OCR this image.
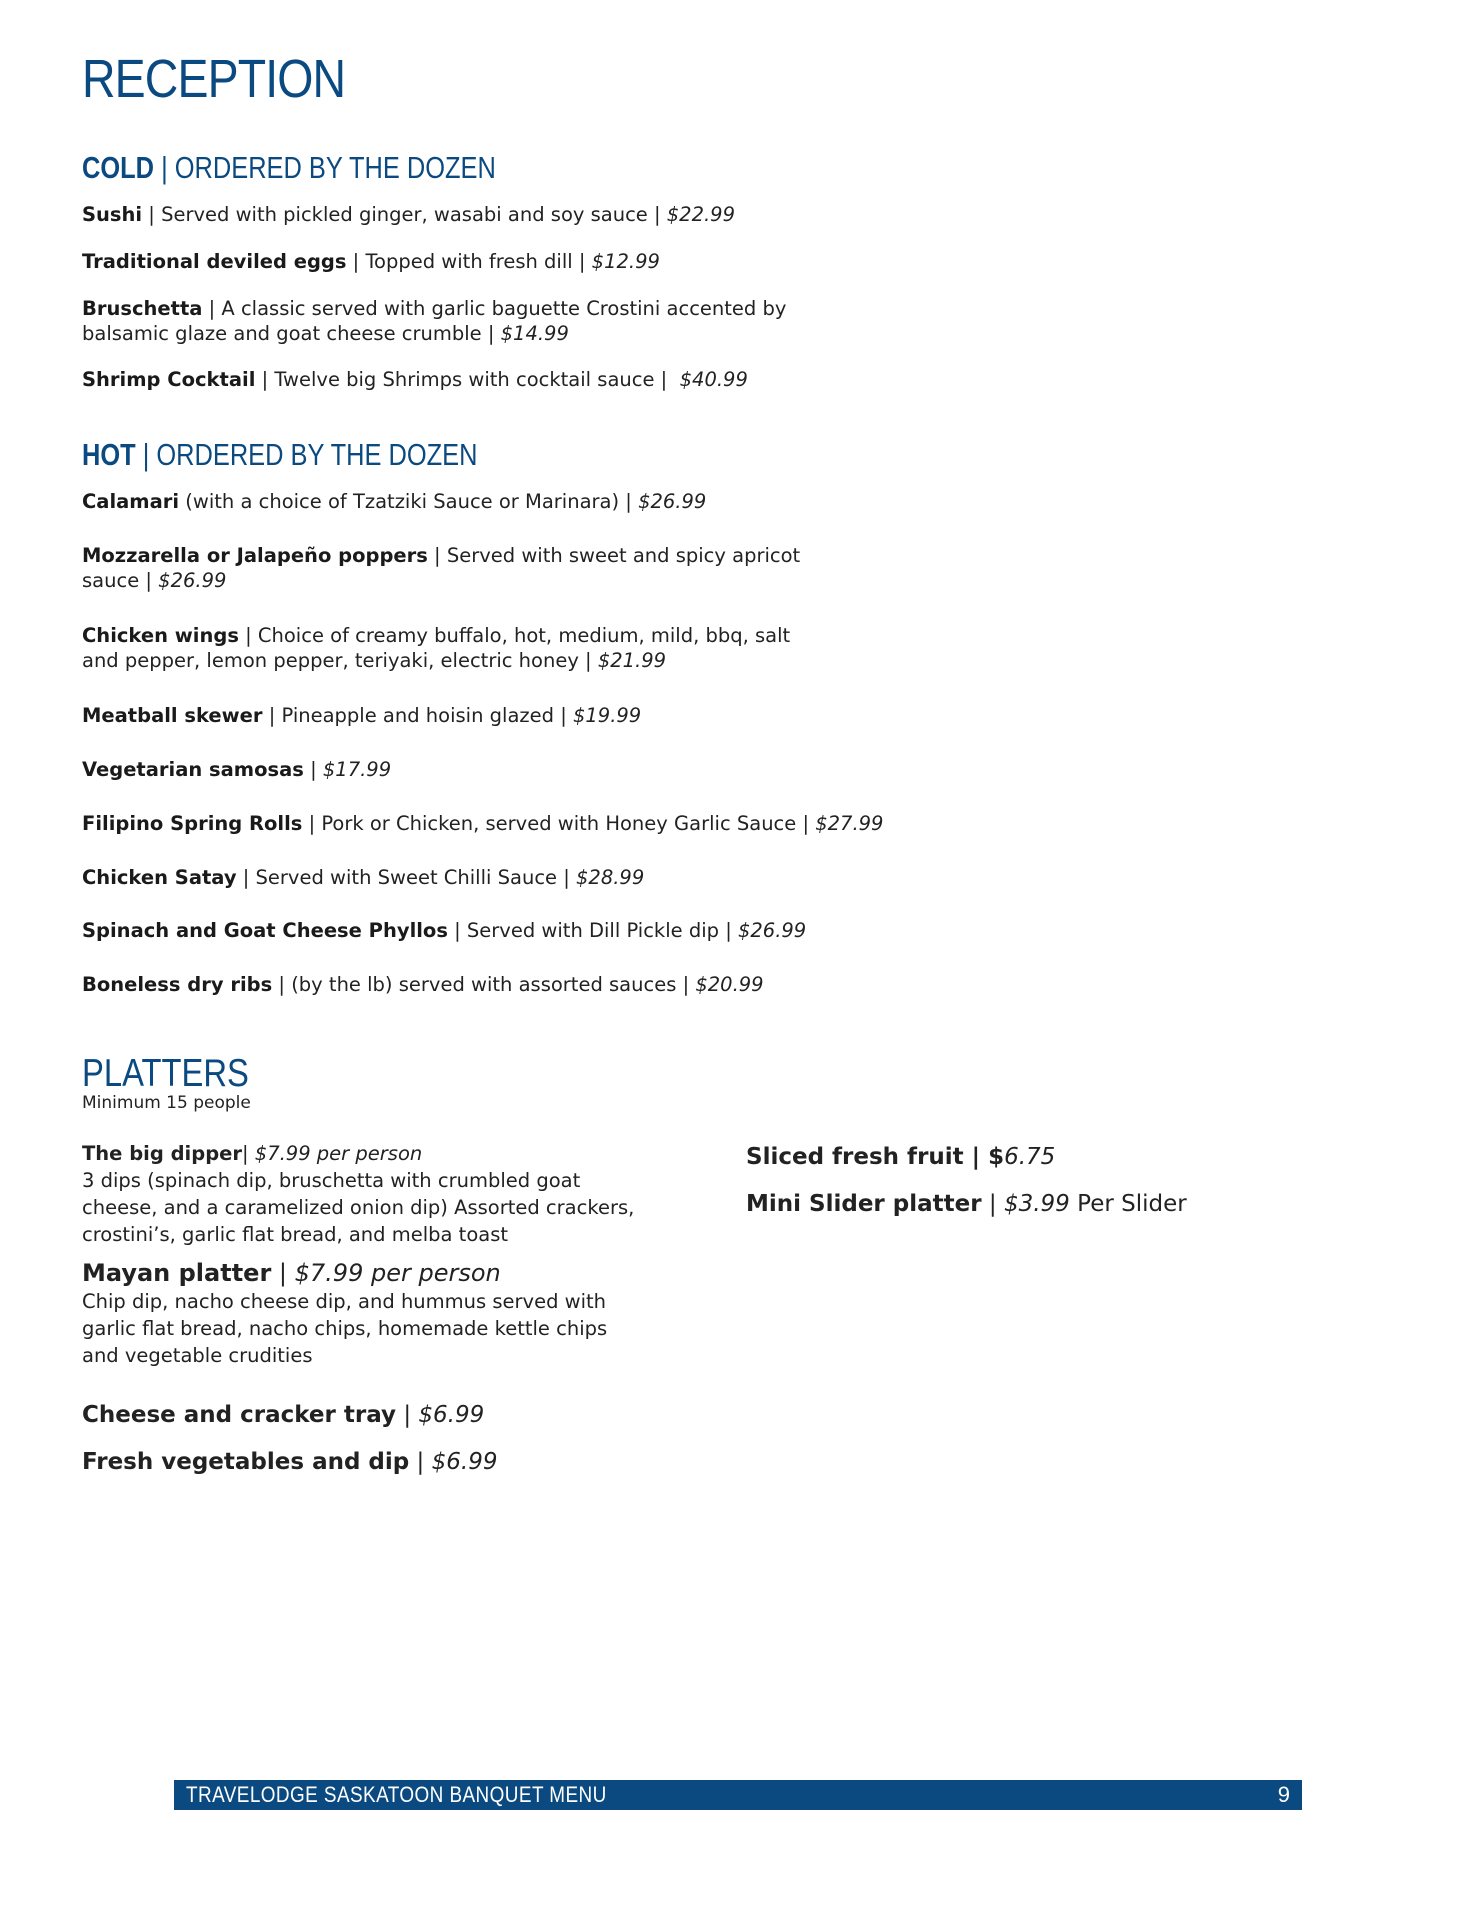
RECEPTION
COLD | ORDERED BY THE DOZEN

Sushi | Served with pickled ginger, wasabi and soy sauce | $22.99

Traditional deviled eggs | Topped with fresh dill | $12.99

Bruschetta | A classic served with garlic baguette Crostini accented by balsamic glaze and goat cheese crumble | $14.99

Shrimp Cocktail | Twelve big Shrimps with cocktail sauce |  $40.99

HOT | ORDERED BY THE DOZEN

Calamari (with a choice of Tzatziki Sauce or Marinara) | $26.99

Mozzarella or Jalapeño poppers | Served with sweet and spicy apricot sauce | $26.99

Chicken wings | Choice of creamy buffalo, hot, medium, mild, bbq, salt and pepper, lemon pepper, teriyaki, electric honey | $21.99

Meatball skewer | Pineapple and hoisin glazed | $19.99

Vegetarian samosas | $17.99

Filipino Spring Rolls | Pork or Chicken, served with Honey Garlic Sauce | $27.99

Chicken Satay | Served with Sweet Chilli Sauce | $28.99

Spinach and Goat Cheese Phyllos | Served with Dill Pickle dip | $26.99

Boneless dry ribs | (by the lb) served with assorted sauces | $20.99

PLATTERS
Minimum 15 people
The big dipper| $7.99 per person
3 dips (spinach dip, bruschetta with crumbled goat cheese, and a caramelized onion dip) Assorted crackers, crostini’s, garlic flat bread, and melba toast
Mayan platter | $7.99 per person
Chip dip, nacho cheese dip, and hummus served with garlic flat bread, nacho chips, homemade kettle chips and vegetable crudities
Cheese and cracker tray | $6.99
Fresh vegetables and dip | $6.99
Sliced fresh fruit | $6.75
Mini Slider platter | $3.99 Per Slider
TRAVELODGE SASKATOON BANQUET MENU	9
